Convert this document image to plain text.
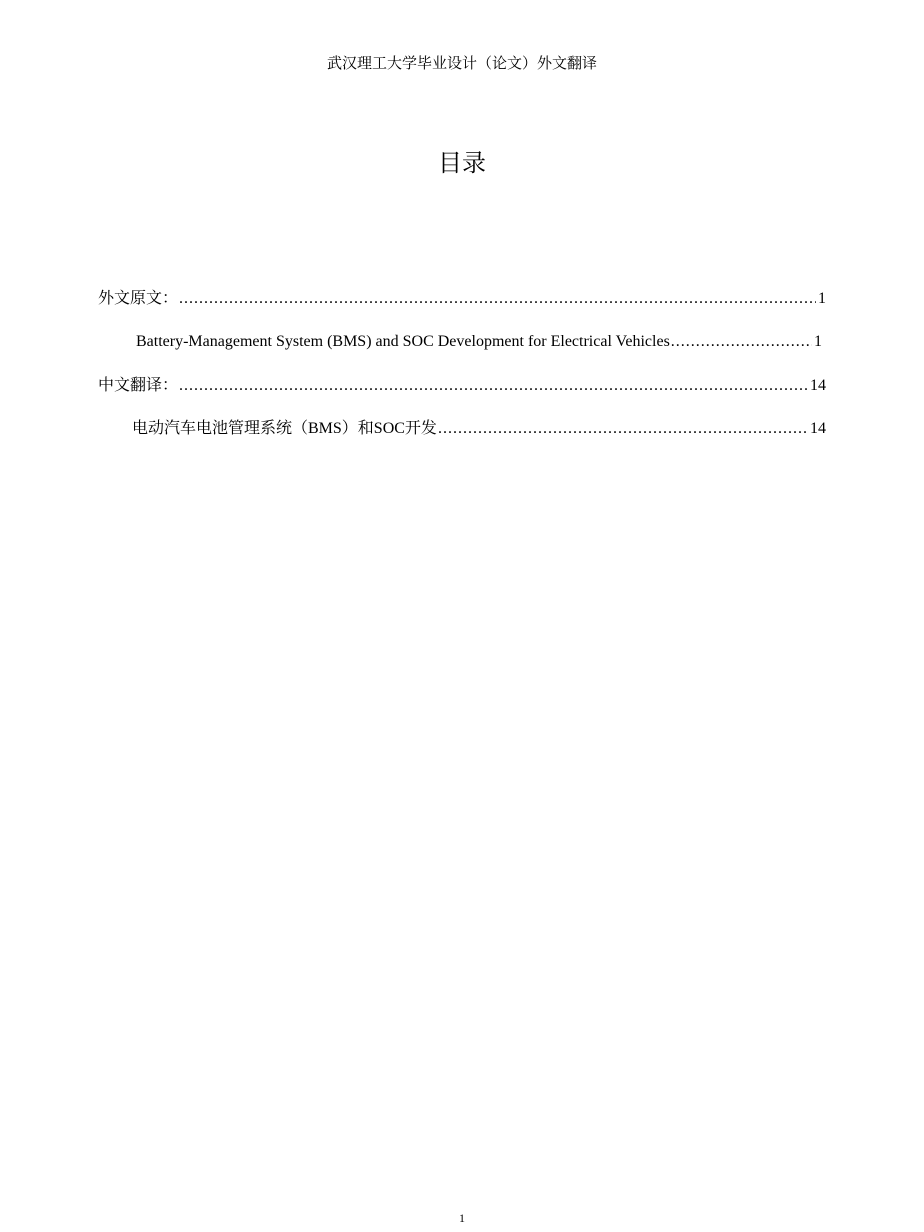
武汉理工大学毕业设计（论文）外文翻译
目录
外文原文： .....	1
Battery-Management System (BMS) and SOC Development for Electrical Vehicles .....	1
中文翻译： .....	14
电动汽车电池管理系统（BMS）和SOC开发 .....	14
1
